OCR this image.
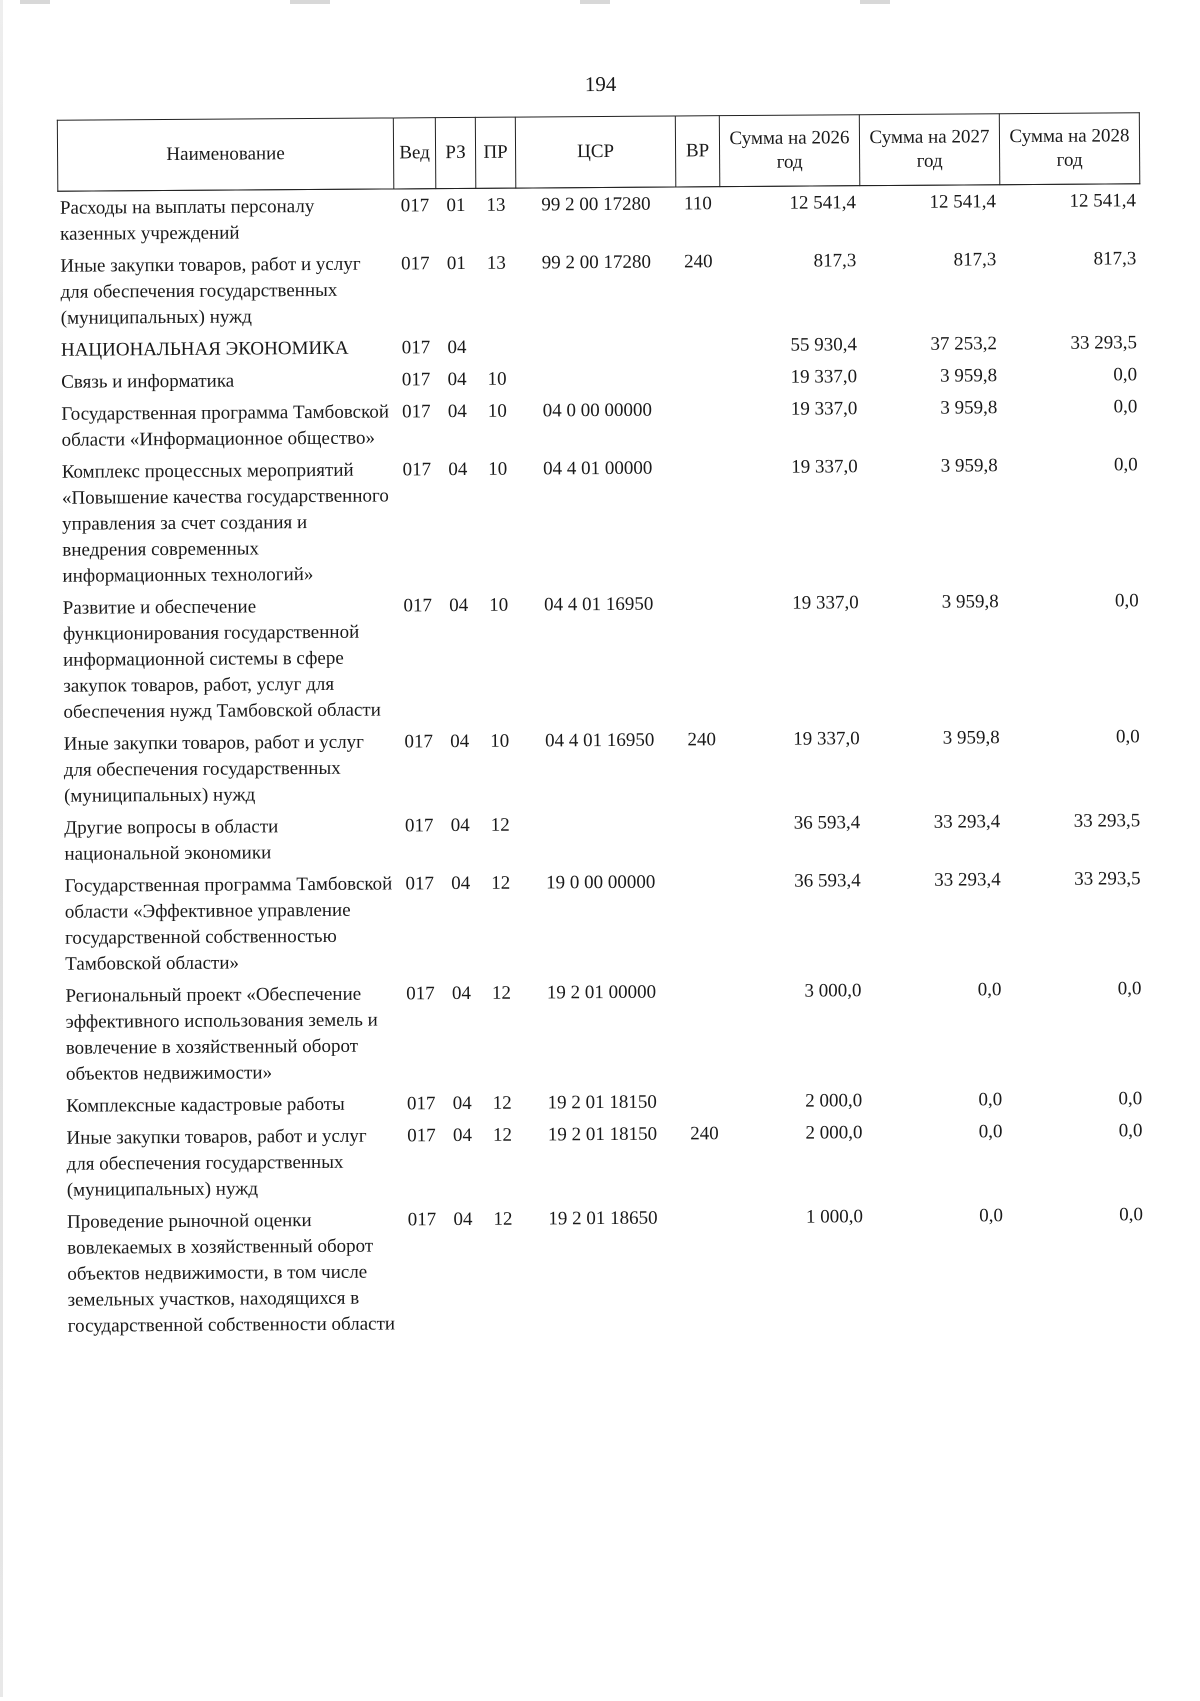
194
Наименование	Вед	РЗ	ПР	ЦСР	ВР	Сумма на 2026 год	Сумма на 2027 год	Сумма на 2028 год
Расходы на выплаты персоналу казенных учреждений	017	01	13	99 2 00 17280	110	12 541,4	12 541,4	12 541,4
Иные закупки товаров, работ и услуг для обеспечения государственных (муниципальных) нужд	017	01	13	99 2 00 17280	240	817,3	817,3	817,3
НАЦИОНАЛЬНАЯ ЭКОНОМИКА	017	04				55 930,4	37 253,2	33 293,5
Связь и информатика	017	04	10			19 337,0	3 959,8	0,0
Государственная программа Тамбовской области «Информационное общество»	017	04	10	04 0 00 00000		19 337,0	3 959,8	0,0
Комплекс процессных мероприятий «Повышение качества государственного управления за счет создания и внедрения современных информационных технологий»	017	04	10	04 4 01 00000		19 337,0	3 959,8	0,0
Развитие и обеспечение функционирования государственной информационной системы в сфере закупок товаров, работ, услуг для обеспечения нужд Тамбовской области	017	04	10	04 4 01 16950		19 337,0	3 959,8	0,0
Иные закупки товаров, работ и услуг для обеспечения государственных (муниципальных) нужд	017	04	10	04 4 01 16950	240	19 337,0	3 959,8	0,0
Другие вопросы в области национальной экономики	017	04	12			36 593,4	33 293,4	33 293,5
Государственная программа Тамбовской области «Эффективное управление государственной собственностью Тамбовской области»	017	04	12	19 0 00 00000		36 593,4	33 293,4	33 293,5
Региональный проект «Обеспечение эффективного использования земель и вовлечение в хозяйственный оборот объектов недвижимости»	017	04	12	19 2 01 00000		3 000,0	0,0	0,0
Комплексные кадастровые работы	017	04	12	19 2 01 18150		2 000,0	0,0	0,0
Иные закупки товаров, работ и услуг для обеспечения государственных (муниципальных) нужд	017	04	12	19 2 01 18150	240	2 000,0	0,0	0,0
Проведение рыночной оценки вовлекаемых в хозяйственный оборот объектов недвижимости, в том числе земельных участков, находящихся в государственной собственности области	017	04	12	19 2 01 18650		1 000,0	0,0	0,0
